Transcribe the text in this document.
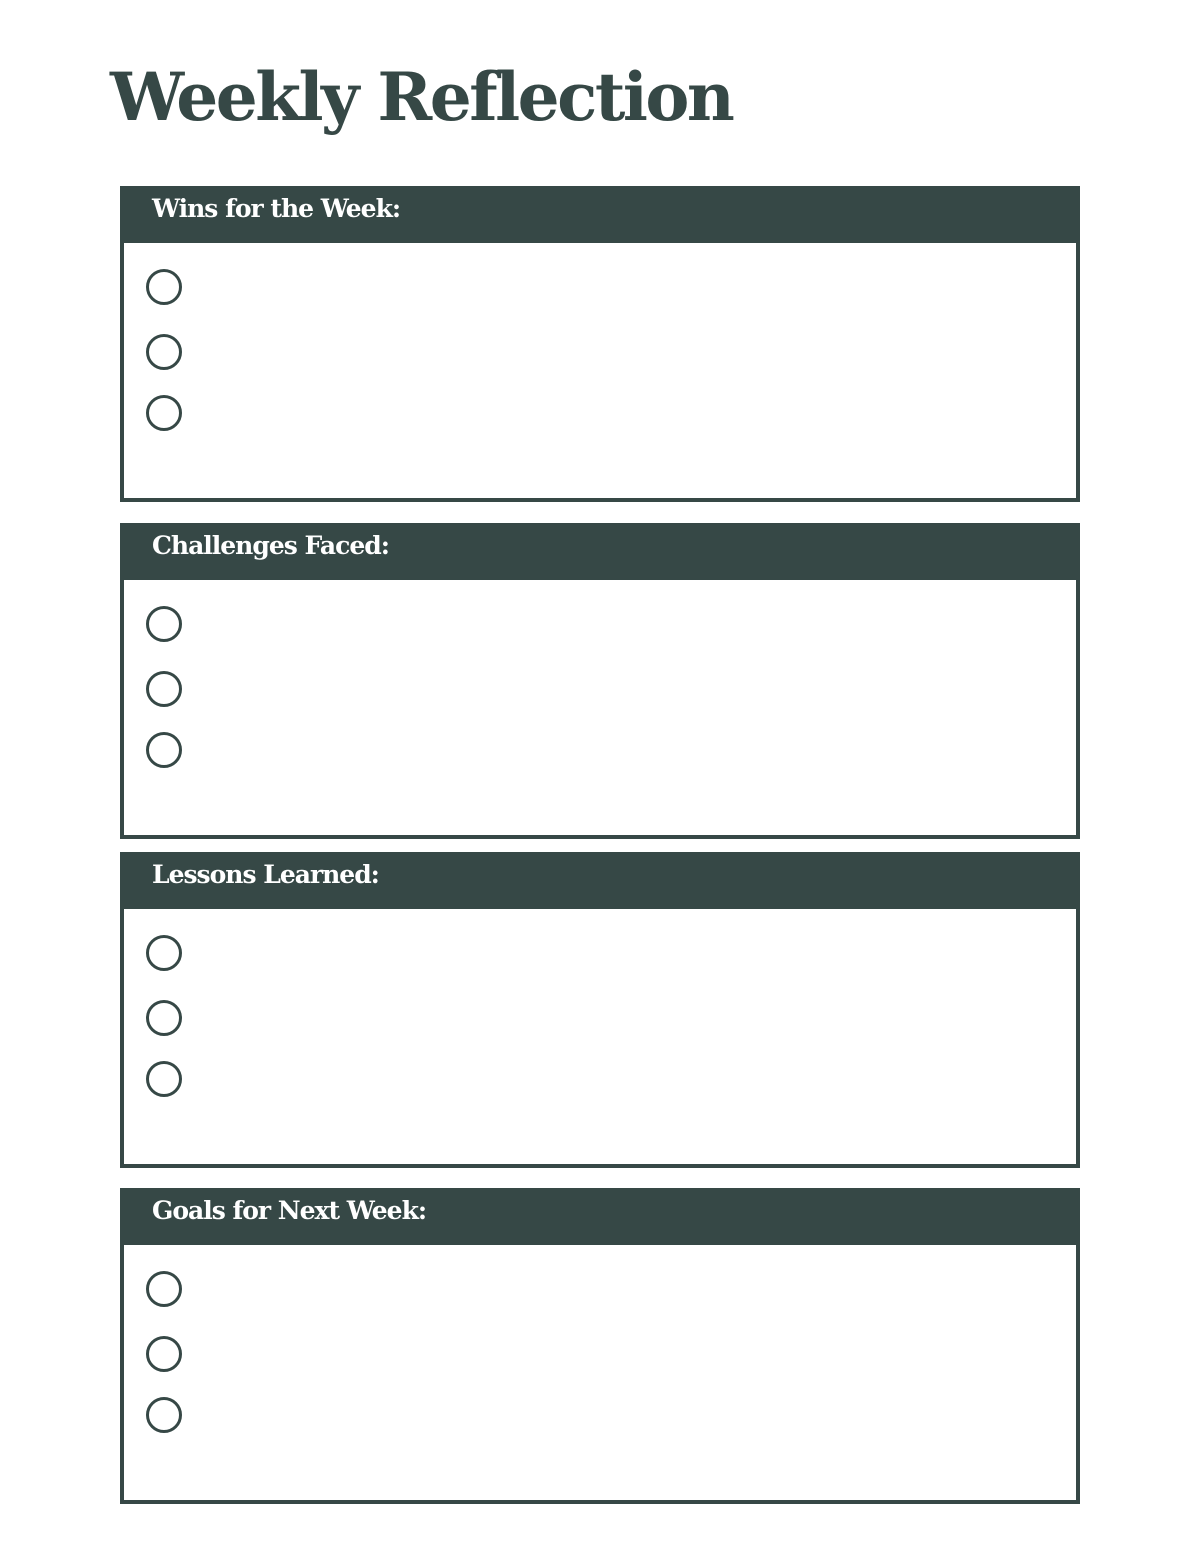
Weekly Reflection
Wins for the Week:
Challenges Faced:
Lessons Learned:
Goals for Next Week:
